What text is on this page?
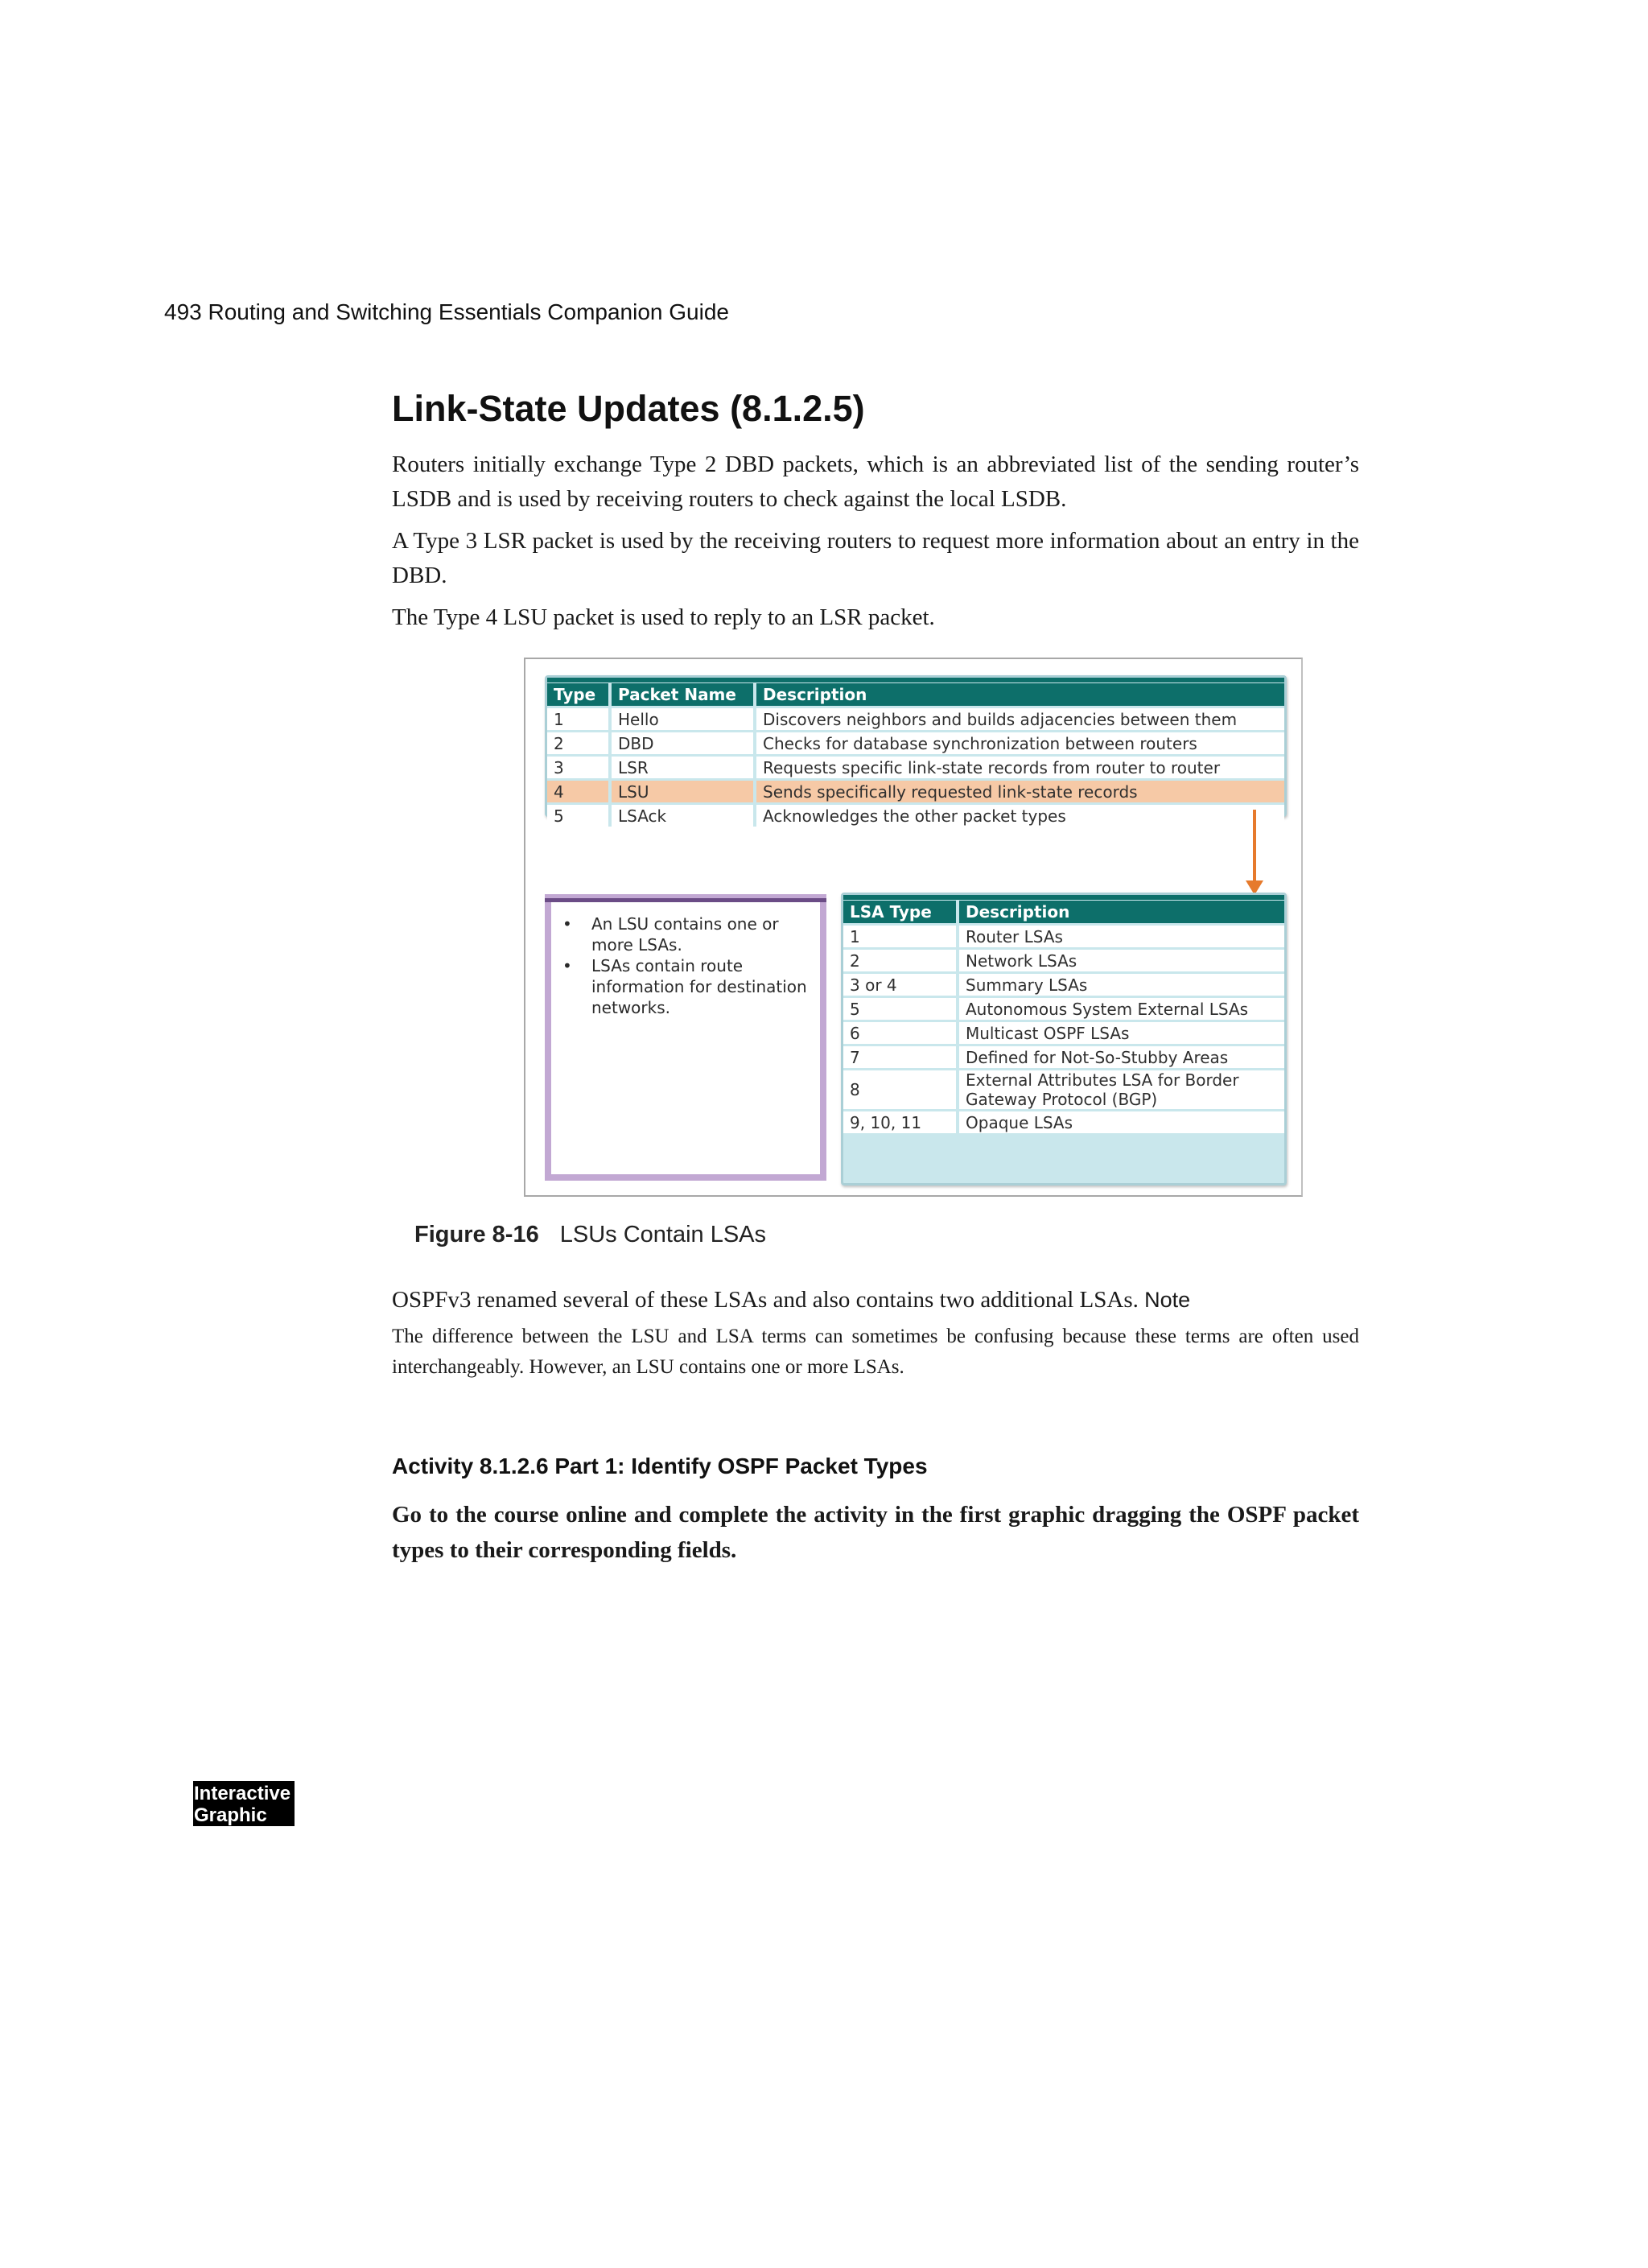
493 Routing and Switching Essentials Companion Guide
Link-State Updates (8.1.2.5)

Routers initially exchange Type 2 DBD packets, which is an abbreviated list of the sending router’s LSDB and is used by receiving routers to check against the local LSDB.

A Type 3 LSR packet is used by the receiving routers to request more information about an entry in the DBD.

The Type 4 LSU packet is used to reply to an LSR packet.

Type	Packet Name	Description
1	Hello	Discovers neighbors and builds adjacencies between them
2	DBD	Checks for database synchronization between routers
3	LSR	Requests specific link-state records from router to router
4	LSU	Sends specifically requested link-state records
5	LSAck	Acknowledges the other packet types
• An LSU contains one or more LSAs.
• LSAs contain route information for destination networks.
LSA Type	Description
1	Router LSAs
2	Network LSAs
3 or 4	Summary LSAs
5	Autonomous System External LSAs
6	Multicast OSPF LSAs
7	Defined for Not-So-Stubby Areas
8	External Attributes LSA for Border Gateway Protocol (BGP)
9, 10, 11	Opaque LSAs
Figure 8-16 LSUs Contain LSAs

OSPFv3 renamed several of these LSAs and also contains two additional LSAs. Note

The difference between the LSU and LSA terms can sometimes be confusing because these terms are often used interchangeably. However, an LSU contains one or more LSAs.

Activity 8.1.2.6 Part 1: Identify OSPF Packet Types

Go to the course online and complete the activity in the first graphic dragging the OSPF packet types to their corresponding fields.

Interactive
Graphic
